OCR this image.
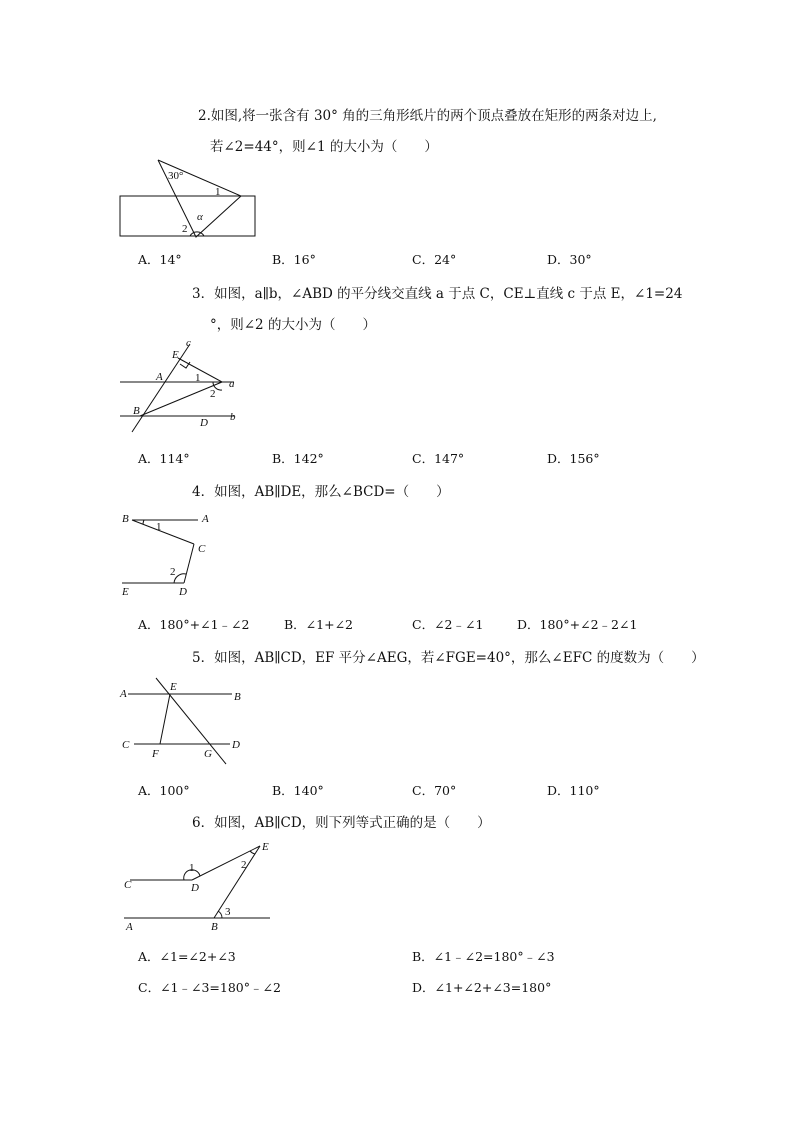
2.如图,将一张含有 30° 角的三角形纸片的两个顶点叠放在矩形的两条对边上,
若∠2=44°，则∠1 的大小为（　　）
30°
1
2
α
A．14°	B．16°	C．24°	D．30°
3．如图，a∥b，∠ABD 的平分线交直线 a 于点 C，CE⊥直线 c 于点 E，∠1=24
°，则∠2 的大小为（　　）
c
E
A	1	a
2
B
D b
A．114°	B．142°	C．147°	D．156°
4．如图，AB∥DE，那么∠BCD=（　　）
B
1
A
C
2
E	D
A．180°+∠1﹣∠2	B．∠1+∠2	C．∠2﹣∠1	D．180°+∠2﹣2∠1
5．如图，AB∥CD，EF 平分∠AEG，若∠FGE=40°，那么∠EFC 的度数为（　　）
A
E
B
C
F	G
D
A．100°	B．140°	C．70°	D．110°
6．如图，AB∥CD，则下列等式正确的是（　　）
1	2
E
C	D
3
A	B
A．∠1=∠2+∠3	B．∠1﹣∠2=180°﹣∠3
C．∠1﹣∠3=180°﹣∠2	D．∠1+∠2+∠3=180°
